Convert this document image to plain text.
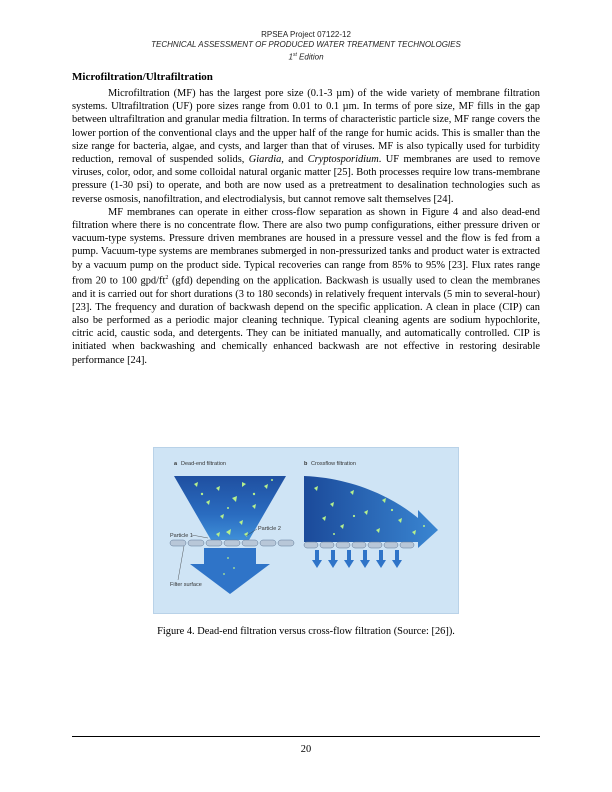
RPSEA Project 07122-12
TECHNICAL ASSESSMENT OF PRODUCED WATER TREATMENT TECHNOLOGIES
1st Edition
Microfiltration/Ultrafiltration

Microfiltration (MF) has the largest pore size (0.1-3 µm) of the wide variety of membrane filtration systems. Ultrafiltration (UF) pore sizes range from 0.01 to 0.1 µm. In terms of pore size, MF fills in the gap between ultrafiltration and granular media filtration. In terms of characteristic particle size, MF range covers the lower portion of the conventional clays and the upper half of the range for humic acids. This is smaller than the size range for bacteria, algae, and cysts, and larger than that of viruses. MF is also typically used for turbidity reduction, removal of suspended solids, Giardia, and Cryptosporidium. UF membranes are used to remove viruses, color, odor, and some colloidal natural organic matter [25]. Both processes require low trans-membrane pressure (1-30 psi) to operate, and both are now used as a pretreatment to desalination technologies such as reverse osmosis, nanofiltration, and electrodialysis, but cannot remove salt themselves [24].

MF membranes can operate in either cross-flow separation as shown in Figure 4 and also dead-end filtration where there is no concentrate flow. There are also two pump configurations, either pressure driven or vacuum-type systems. Pressure driven membranes are housed in a pressure vessel and the flow is fed from a pump. Vacuum-type systems are membranes submerged in non-pressurized tanks and product water is extracted by a vacuum pump on the product side. Typical recoveries can range from 85% to 95% [23]. Flux rates range from 20 to 100 gpd/$ft^2$ (gfd) depending on the application. Backwash is usually used to clean the membranes and it is carried out for short durations (3 to 180 seconds) in relatively frequent intervals (5 min to several-hour) [23]. The frequency and duration of backwash depend on the specific application. A clean in place (CIP) can also be performed as a periodic major cleaning technique. Typical cleaning agents are sodium hypochlorite, citric acid, caustic soda, and detergents. They can be initiated manually, and automatically controlled. CIP is initiated when backwashing and chemically enhanced backwash are not effective in restoring desirable performance [24].

a Dead-end filtration
Particle 1
Particle 2
Filter surface
b Crossflow filtration
Figure 4. Dead-end filtration versus cross-flow filtration (Source: [26]).
20
